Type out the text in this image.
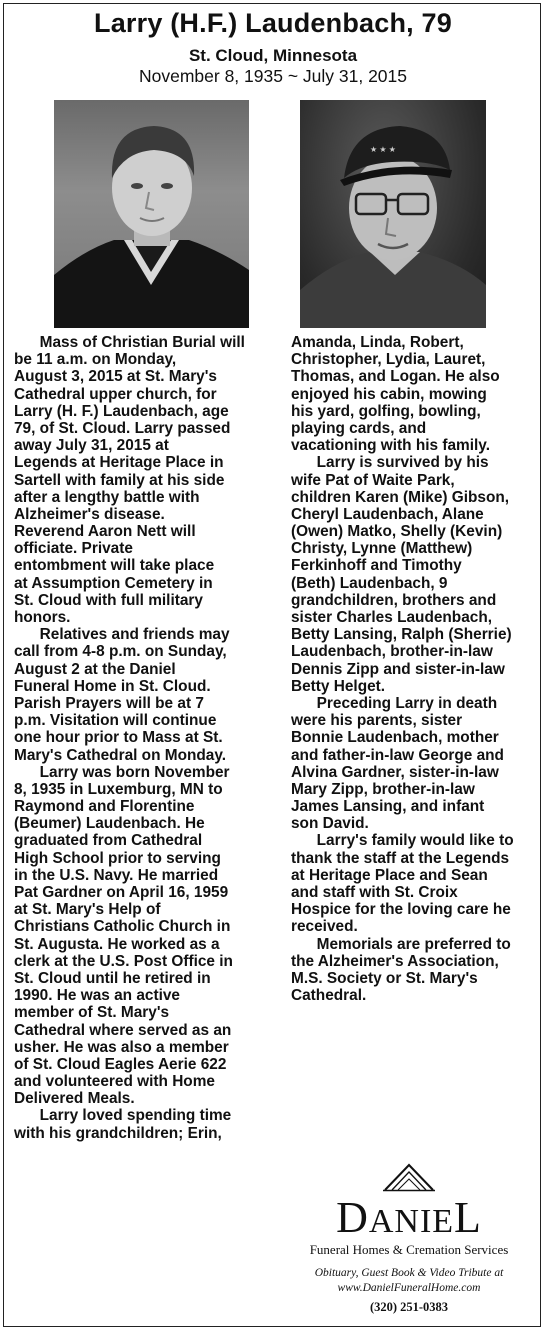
Larry (H.F.) Laudenbach, 79
St. Cloud, Minnesota
November 8, 1935 ~ July 31, 2015
★ ★ ★
Mass of Christian Burial will
be 11 a.m. on Monday,
August 3, 2015 at St. Mary's
Cathedral upper church, for
Larry (H. F.) Laudenbach, age
79, of St. Cloud. Larry passed
away July 31, 2015 at
Legends at Heritage Place in
Sartell with family at his side
after a lengthy battle with
Alzheimer's disease.
Reverend Aaron Nett will
officiate. Private
entombment will take place
at Assumption Cemetery in
St. Cloud with full military
honors.
Relatives and friends may
call from 4-8 p.m. on Sunday,
August 2 at the Daniel
Funeral Home in St. Cloud.
Parish Prayers will be at 7
p.m. Visitation will continue
one hour prior to Mass at St.
Mary's Cathedral on Monday.
Larry was born November
8, 1935 in Luxemburg, MN to
Raymond and Florentine
(Beumer) Laudenbach. He
graduated from Cathedral
High School prior to serving
in the U.S. Navy. He married
Pat Gardner on April 16, 1959
at St. Mary's Help of
Christians Catholic Church in
St. Augusta. He worked as a
clerk at the U.S. Post Office in
St. Cloud until he retired in
1990. He was an active
member of St. Mary's
Cathedral where served as an
usher. He was also a member
of St. Cloud Eagles Aerie 622
and volunteered with Home
Delivered Meals.
Larry loved spending time
with his grandchildren; Erin,
Amanda, Linda, Robert,
Christopher, Lydia, Lauret,
Thomas, and Logan. He also
enjoyed his cabin, mowing
his yard, golfing, bowling,
playing cards, and
vacationing with his family.
Larry is survived by his
wife Pat of Waite Park,
children Karen (Mike) Gibson,
Cheryl Laudenbach, Alane
(Owen) Matko, Shelly (Kevin)
Christy, Lynne (Matthew)
Ferkinhoff and Timothy
(Beth) Laudenbach, 9
grandchildren, brothers and
sister Charles Laudenbach,
Betty Lansing, Ralph (Sherrie)
Laudenbach, brother-in-law
Dennis Zipp and sister-in-law
Betty Helget.
Preceding Larry in death
were his parents, sister
Bonnie Laudenbach, mother
and father-in-law George and
Alvina Gardner, sister-in-law
Mary Zipp, brother-in-law
James Lansing, and infant
son David.
Larry's family would like to
thank the staff at the Legends
at Heritage Place and Sean
and staff with St. Croix
Hospice for the loving care he
received.
Memorials are preferred to
the Alzheimer's Association,
M.S. Society or St. Mary's
Cathedral.
DANIEL
Funeral Homes & Cremation Services
Obituary, Guest Book & Video Tribute at
www.DanielFuneralHome.com
(320) 251-0383
